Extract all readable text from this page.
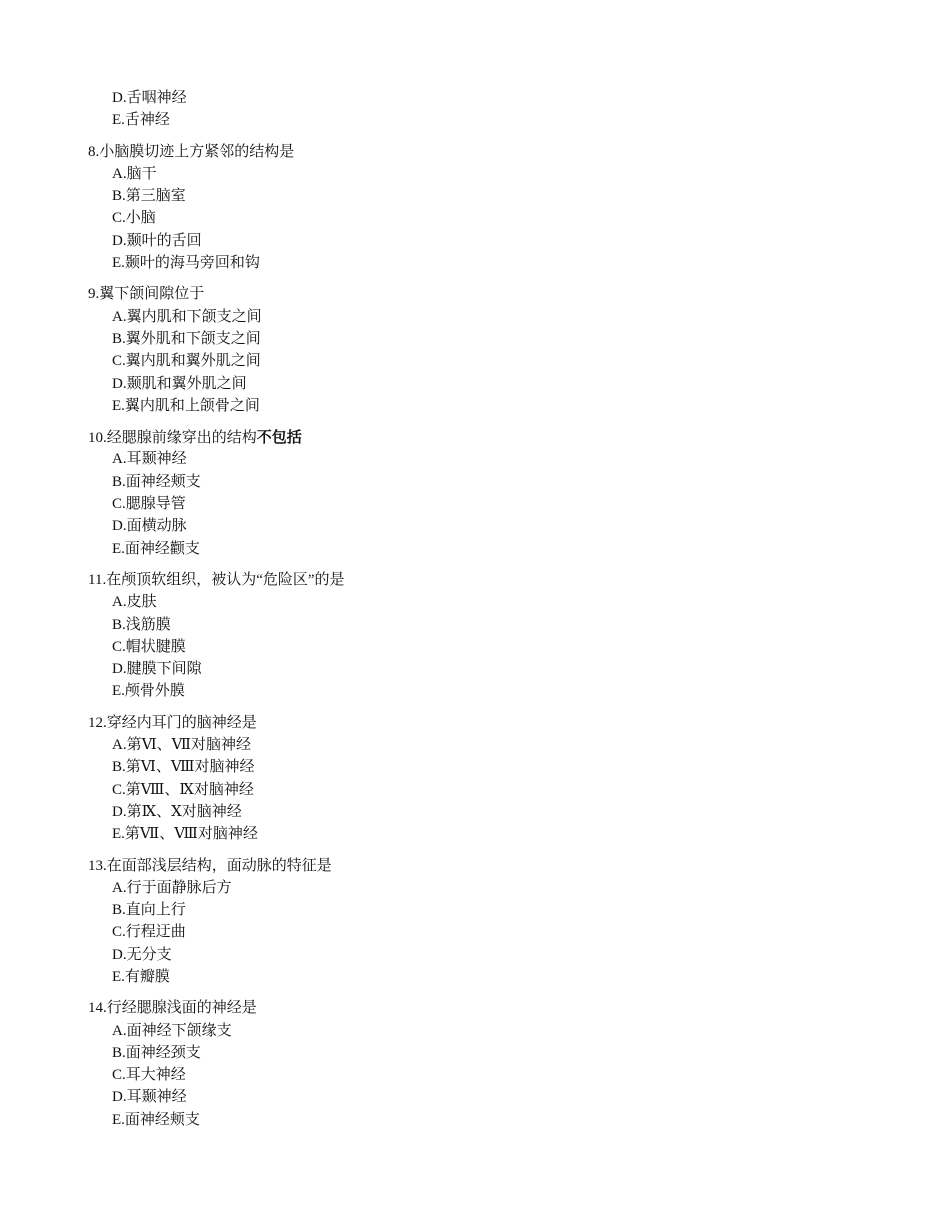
D.舌咽神经
E.舌神经
8.小脑膜切迹上方紧邻的结构是
A.脑干
B.第三脑室
C.小脑
D.颞叶的舌回
E.颞叶的海马旁回和钩
9.翼下颌间隙位于
A.翼内肌和下颌支之间
B.翼外肌和下颌支之间
C.翼内肌和翼外肌之间
D.颞肌和翼外肌之间
E.翼内肌和上颌骨之间
10.经腮腺前缘穿出的结构不包括
A.耳颞神经
B.面神经颊支
C.腮腺导管
D.面横动脉
E.面神经颧支
11.在颅顶软组织，被认为“危险区”的是
A.皮肤
B.浅筋膜
C.帽状腱膜
D.腱膜下间隙
E.颅骨外膜
12.穿经内耳门的脑神经是
A.第Ⅵ、Ⅶ对脑神经
B.第Ⅵ、Ⅷ对脑神经
C.第Ⅷ、Ⅸ对脑神经
D.第Ⅸ、Ⅹ对脑神经
E.第Ⅶ、Ⅷ对脑神经
13.在面部浅层结构，面动脉的特征是
A.行于面静脉后方
B.直向上行
C.行程迂曲
D.无分支
E.有瓣膜
14.行经腮腺浅面的神经是
A.面神经下颌缘支
B.面神经颈支
C.耳大神经
D.耳颞神经
E.面神经颊支
